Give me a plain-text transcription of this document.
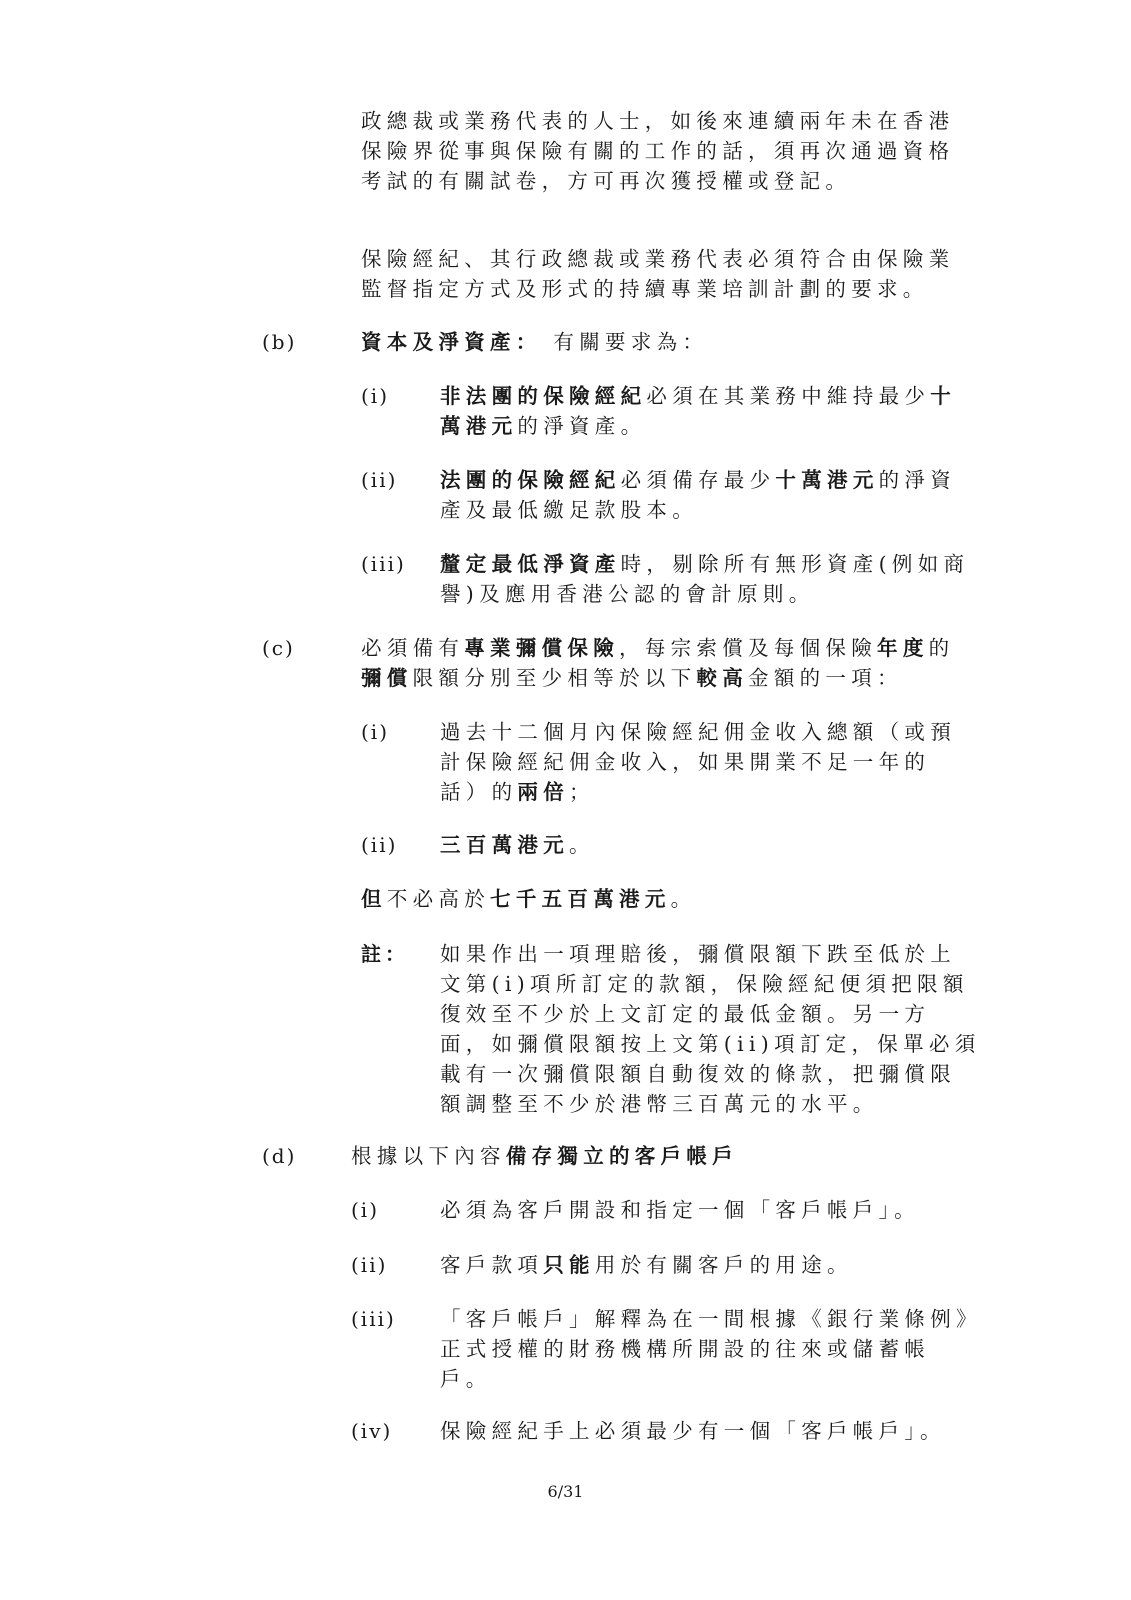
政總裁或業務代表的人士，如後來連續兩年未在香港
保險界從事與保險有關的工作的話，須再次通過資格
考試的有關試卷，方可再次獲授權或登記。
保險經紀、其行政總裁或業務代表必須符合由保險業
監督指定方式及形式的持續專業培訓計劃的要求。
(b)	資本及淨資產： 有關要求為：
(i) 非法團的保險經紀必須在其業務中維持最少十
萬港元的淨資產。
(ii) 法團的保險經紀必須備存最少十萬港元的淨資
產及最低繳足款股本。
(iii) 釐定最低淨資產時，剔除所有無形資產(例如商
譽)及應用香港公認的會計原則。
(c)	必須備有專業彌償保險，每宗索償及每個保險年度的
彌償限額分別至少相等於以下較高金額的一項：
(i) 過去十二個月內保險經紀佣金收入總額（或預
計保險經紀佣金收入，如果開業不足一年的
話）的兩倍；
(ii) 三百萬港元。
但不必高於七千五百萬港元。
註： 如果作出一項理賠後，彌償限額下跌至低於上
文第(i)項所訂定的款額，保險經紀便須把限額
復效至不少於上文訂定的最低金額。另一方
面，如彌償限額按上文第(ii)項訂定，保單必須
載有一次彌償限額自動復效的條款，把彌償限
額調整至不少於港幣三百萬元的水平。
(d)	根據以下內容備存獨立的客戶帳戶
(i)	必須為客戶開設和指定一個「客戶帳戶」。
(ii)	客戶款項只能用於有關客戶的用途。
(iii) 「客戶帳戶」解釋為在一間根據《銀行業條例》
正式授權的財務機構所開設的往來或儲蓄帳
戶。
(iv) 保險經紀手上必須最少有一個「客戶帳戶」。
6/31
